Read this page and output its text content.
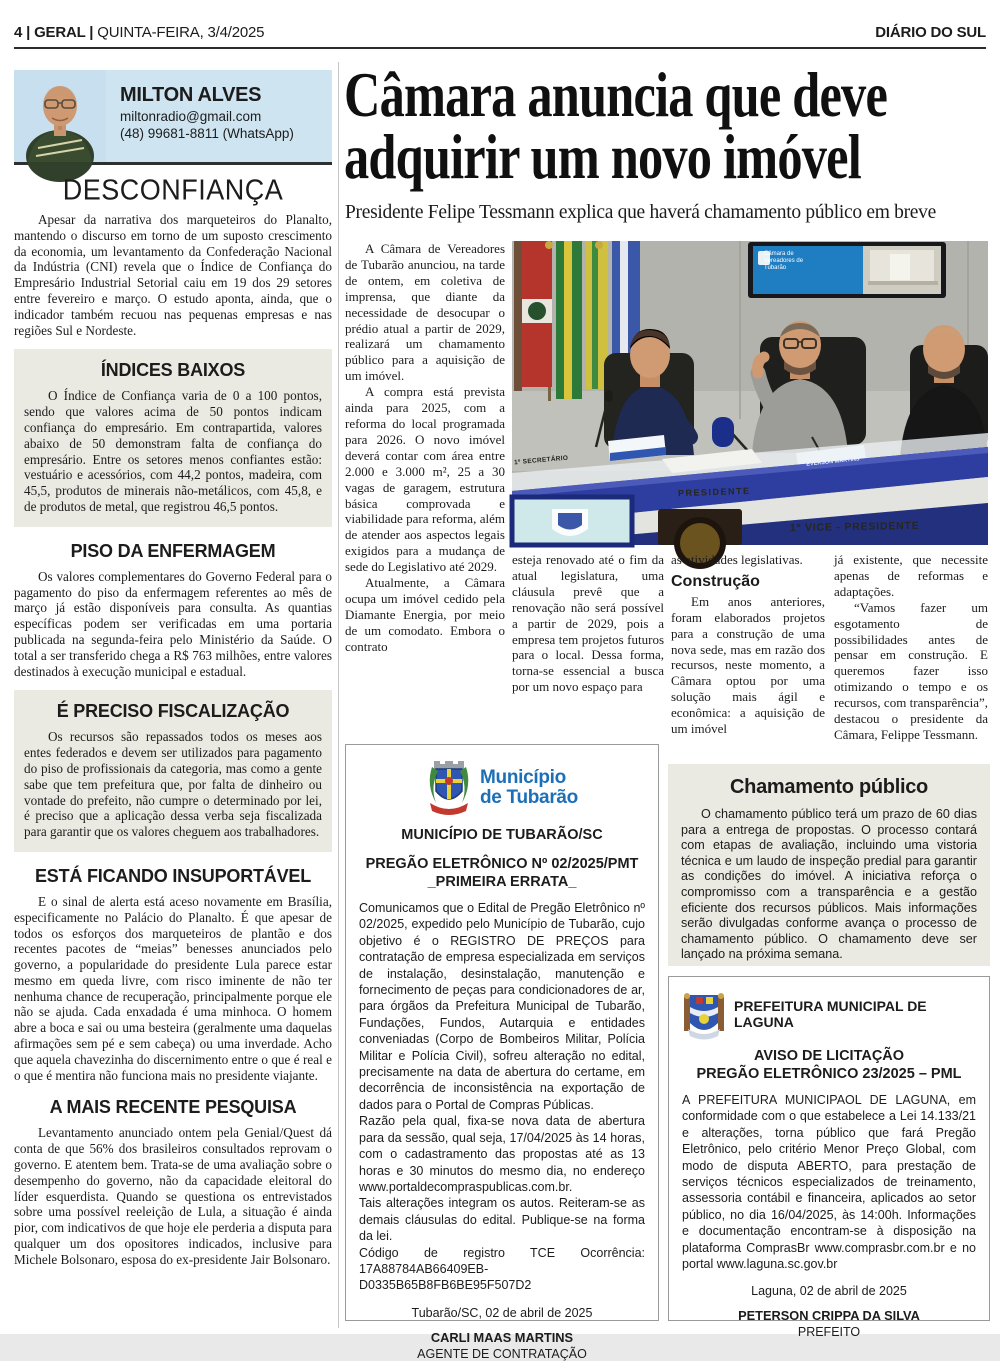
4 | GERAL | QUINTA-FEIRA, 3/4/2025	DIÁRIO DO SUL
MILTON ALVES
miltonradio@gmail.com
(48) 99681-8811 (WhatsApp)
DESCONFIANÇA

Apesar da narrativa dos marqueteiros do Planalto, mantendo o discurso em torno de um suposto crescimento da economia, um levantamento da Confederação Nacional da Indústria (CNI) revela que o Índice de Confiança do Empresário Industrial Setorial caiu em 19 dos 29 setores entre fevereiro e março. O estudo aponta, ainda, que o indicador também recuou nas pequenas empresas e nas regiões Sul e Nordeste.

ÍNDICES BAIXOS

O Índice de Confiança varia de 0 a 100 pontos, sendo que valores acima de 50 pontos indicam confiança do empresário. Em contrapartida, valores abaixo de 50 demonstram falta de confiança do empresário. Entre os setores menos confiantes estão: vestuário e acessórios, com 44,2 pontos, madeira, com 45,5, produtos de minerais não-metálicos, com 45,8, e de produtos de metal, que registrou 46,5 pontos.

PISO DA ENFERMAGEM

Os valores complementares do Governo Federal para o pagamento do piso da enfermagem referentes ao mês de março já estão disponíveis para consulta. As quantias específicas podem ser verificadas em uma portaria publicada na segunda-feira pelo Ministério da Saúde. O total a ser transferido chega a R$ 763 milhões, entre valores destinados à execução municipal e estadual.

É PRECISO FISCALIZAÇÃO

Os recursos são repassados todos os meses aos entes federados e devem ser utilizados para pagamento do piso de profissionais da categoria, mas como a gente sabe que tem prefeitura que, por falta de dinheiro ou vontade do prefeito, não cumpre o determinado por lei, é preciso que a aplicação dessa verba seja fiscalizada para garantir que os valores cheguem aos trabalhadores.

ESTÁ FICANDO INSUPORTÁVEL

E o sinal de alerta está aceso novamente em Brasília, especificamente no Palácio do Planalto. É que apesar de todos os esforços dos marqueteiros de plantão e dos recentes pacotes de “meias” benesses anunciados pelo governo, a popularidade do presidente Lula parece estar mesmo em queda livre, com risco iminente de não ter nenhuma chance de recuperação, principalmente porque ele não se ajuda. Cada enxadada é uma minhoca. O homem abre a boca e sai ou uma besteira (geralmente uma daquelas afirmações sem pé e sem cabeça) ou uma inverdade. Acho que aquela chavezinha do discernimento entre o que é real e o que é mentira não funciona mais no presidente viajante.

A MAIS RECENTE PESQUISA

Levantamento anunciado ontem pela Genial/Quest dá conta de que 56% dos brasileiros consultados reprovam o governo. E atentem bem. Trata-se de uma avaliação sobre o desempenho do governo, não da capacidade eleitoral do líder esquerdista. Quando se questiona os entrevistados sobre uma possível reeleição de Lula, a situação é ainda pior, com indicativos de que hoje ele perderia a disputa para qualquer um dos opositores indicados, inclusive para Michele Bolsonaro, esposa do ex-presidente Jair Bolsonaro.

Câmara anuncia que deve
adquirir um novo imóvel
Presidente Felipe Tessmann explica que haverá chamamento público em breve

A Câmara de Vereadores de Tubarão anunciou, na tarde de ontem, em coletiva de imprensa, que diante da necessidade de desocupar o prédio atual a partir de 2029, realizará um chamamento público para a aquisição de um imóvel.

A compra está prevista ainda para 2025, com a reforma do local programada para 2026. O novo imóvel deverá contar com área entre 2.000 e 3.000 m², 25 a 30 vagas de garagem, estrutura básica comprovada e viabilidade para reforma, além de atender aos aspectos legais exigidos para a mudança de sede do Legislativo até 2029.

Atualmente, a Câmara ocupa um imóvel cedido pela Diamante Energia, por meio de um comodato. Embora o contrato

1º SECRETÁRIO
PRESIDENTE
1º VICE - PRESIDENTE
EVERSON MARTINS
Câmara de Vereadores de Tubarão

esteja renovado até o fim da atual legislatura, uma cláusula prevê que a renovação não será possível a partir de 2029, pois a empresa tem projetos futuros para o local. Dessa forma, torna-se essencial a busca por um novo espaço para

as atividades legislativas.

Construção

Em anos anteriores, foram elaborados projetos para a construção de uma nova sede, mas em razão dos recursos, neste momento, a Câmara optou por uma solução mais ágil e econômica: a aquisição de um imóvel

já existente, que necessite apenas de reformas e adaptações.

“Vamos fazer um esgotamento de possibilidades antes de pensar em construção. E queremos fazer isso otimizando o tempo e os recursos, com transparência”, destacou o presidente da Câmara, Felippe Tessmann.

Chamamento público

O chamamento público terá um prazo de 60 dias para a entrega de propostas. O processo contará com etapas de avaliação, incluindo uma vistoria técnica e um laudo de inspeção predial para garantir as condições do imóvel. A iniciativa reforça o compromisso com a transparência e a gestão eficiente dos recursos públicos. Mais informações serão divulgadas conforme avança o processo de chamamento público. O chamamento deve ser lançado na próxima semana.

Município
de Tubarão
MUNICÍPIO DE TUBARÃO/SC
PREGÃO ELETRÔNICO Nº 02/2025/PMT
_PRIMEIRA ERRATA_

Comunicamos que o Edital de Pregão Eletrônico nº 02/2025, expedido pelo Município de Tubarão, cujo objetivo é o REGISTRO DE PREÇOS para contratação de empresa especializada em serviços de instalação, desinstalação, manutenção e fornecimento de peças para condicionadores de ar, para órgãos da Prefeitura Municipal de Tubarão, Fundações, Fundos, Autarquia e entidades conveniadas (Corpo de Bombeiros Militar, Polícia Militar e Polícia Civil), sofreu alteração no edital, precisamente na data de abertura do certame, em decorrência de inconsistência na exportação de dados para o Portal de Compras Públicas.

Razão pela qual, fixa-se nova data de abertura para da sessão, qual seja, 17/04/2025 às 14 horas, com o cadastramento das propostas até as 13 horas e 30 minutos do mesmo dia, no endereço www.portaldecompraspublicas.com.br.

Tais alterações integram os autos. Reiteram-se as demais cláusulas do edital. Publique-se na forma da lei.

Código de registro TCE Ocorrência: 17A88784AB66409EB-D0335B65B8FB6BE95F507D2

Tubarão/SC, 02 de abril de 2025
CARLI MAAS MARTINS
AGENTE DE CONTRATAÇÃO
PREFEITURA MUNICIPAL DE LAGUNA
AVISO DE LICITAÇÃO
PREGÃO ELETRÔNICO 23/2025 – PML

A PREFEITURA MUNICIPAOL DE LAGUNA, em conformidade com o que estabelece a Lei 14.133/21 e alterações, torna público que fará Pregão Eletrônico, pelo critério Menor Preço Global, com modo de disputa ABERTO, para prestação de serviços técnicos especializados de treinamento, assessoria contábil e financeira, aplicados ao setor público, no dia 16/04/2025, às 14:00h. Informações e documentação encontram-se à disposição na plataforma ComprasBr www.comprasbr.com.br e no portal www.laguna.sc.gov.br

Laguna, 02 de abril de 2025
PETERSON CRIPPA DA SILVA
PREFEITO
